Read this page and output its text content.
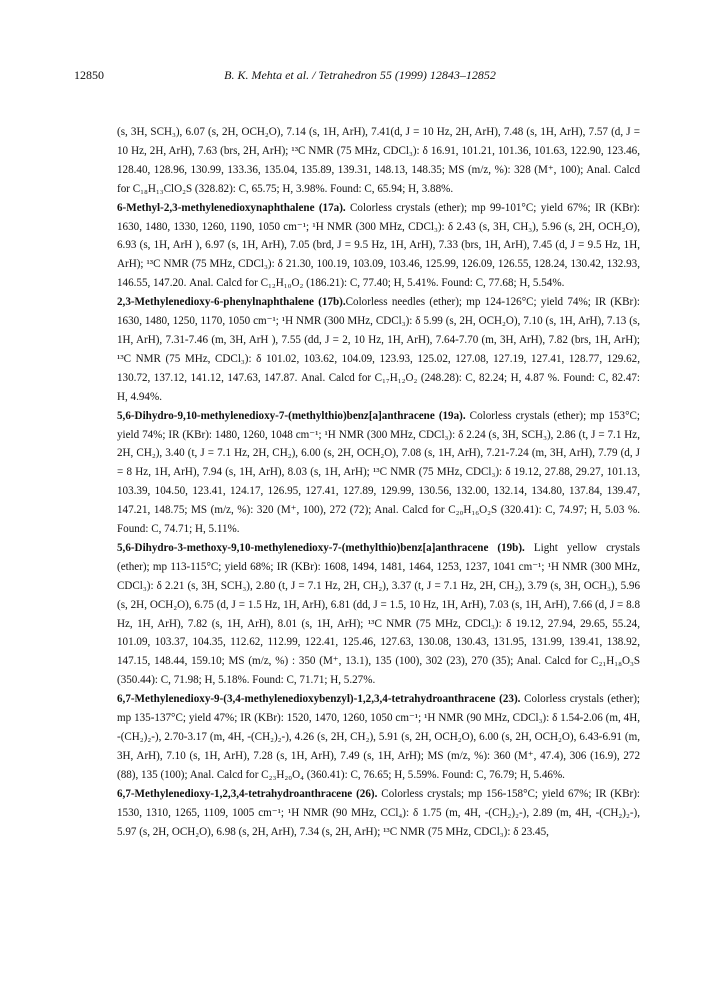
12850	B. K. Mehta et al. / Tetrahedron 55 (1999) 12843–12852

(s, 3H, SCH₃), 6.07 (s, 2H, OCH₂O), 7.14 (s, 1H, ArH), 7.41(d, J = 10 Hz, 2H, ArH), 7.48 (s, 1H, ArH), 7.57 (d, J = 10 Hz, 2H, ArH), 7.63 (brs, 2H, ArH); ¹³C NMR (75 MHz, CDCl₃): δ 16.91, 101.21, 101.36, 101.63, 122.90, 123.46, 128.40, 128.96, 130.99, 133.36, 135.04, 135.89, 139.31, 148.13, 148.35; MS (m/z, %): 328 (M⁺, 100); Anal. Calcd for C₁₈H₁₃ClO₂S (328.82): C, 65.75; H, 3.98%. Found: C, 65.94; H, 3.88%.

6-Methyl-2,3-methylenedioxynaphthalene (17a). Colorless crystals (ether); mp 99-101°C; yield 67%; IR (KBr): 1630, 1480, 1330, 1260, 1190, 1050 cm⁻¹; ¹H NMR (300 MHz, CDCl₃): δ 2.43 (s, 3H, CH₃), 5.96 (s, 2H, OCH₂O), 6.93 (s, 1H, ArH ), 6.97 (s, 1H, ArH), 7.05 (brd, J = 9.5 Hz, 1H, ArH), 7.33 (brs, 1H, ArH), 7.45 (d, J = 9.5 Hz, 1H, ArH); ¹³C NMR (75 MHz, CDCl₃): δ 21.30, 100.19, 103.09, 103.46, 125.99, 126.09, 126.55, 128.24, 130.42, 132.93, 146.55, 147.20. Anal. Calcd for C₁₂H₁₀O₂ (186.21): C, 77.40; H, 5.41%. Found: C, 77.68; H, 5.54%.

2,3-Methylenedioxy-6-phenylnaphthalene (17b).Colorless needles (ether); mp 124-126°C; yield 74%; IR (KBr): 1630, 1480, 1250, 1170, 1050 cm⁻¹; ¹H NMR (300 MHz, CDCl₃): δ 5.99 (s, 2H, OCH₂O), 7.10 (s, 1H, ArH), 7.13 (s, 1H, ArH), 7.31-7.46 (m, 3H, ArH ), 7.55 (dd, J = 2, 10 Hz, 1H, ArH), 7.64-7.70 (m, 3H, ArH), 7.82 (brs, 1H, ArH); ¹³C NMR (75 MHz, CDCl₃): δ 101.02, 103.62, 104.09, 123.93, 125.02, 127.08, 127.19, 127.41, 128.77, 129.62, 130.72, 137.12, 141.12, 147.63, 147.87. Anal. Calcd for C₁₇H₁₂O₂ (248.28): C, 82.24; H, 4.87 %. Found: C, 82.47: H, 4.94%.

5,6-Dihydro-9,10-methylenedioxy-7-(methylthio)benz[a]anthracene (19a). Colorless crystals (ether); mp 153°C; yield 74%; IR (KBr): 1480, 1260, 1048 cm⁻¹; ¹H NMR (300 MHz, CDCl₃): δ 2.24 (s, 3H, SCH₃), 2.86 (t, J = 7.1 Hz, 2H, CH₂), 3.40 (t, J = 7.1 Hz, 2H, CH₂), 6.00 (s, 2H, OCH₂O), 7.08 (s, 1H, ArH), 7.21-7.24 (m, 3H, ArH), 7.79 (d, J = 8 Hz, 1H, ArH), 7.94 (s, 1H, ArH), 8.03 (s, 1H, ArH); ¹³C NMR (75 MHz, CDCl₃): δ 19.12, 27.88, 29.27, 101.13, 103.39, 104.50, 123.41, 124.17, 126.95, 127.41, 127.89, 129.99, 130.56, 132.00, 132.14, 134.80, 137.84, 139.47, 147.21, 148.75; MS (m/z, %): 320 (M⁺, 100), 272 (72); Anal. Calcd for C₂₀H₁₆O₂S (320.41): C, 74.97; H, 5.03 %. Found: C, 74.71; H, 5.11%.

5,6-Dihydro-3-methoxy-9,10-methylenedioxy-7-(methylthio)benz[a]anthracene (19b). Light yellow crystals (ether); mp 113-115°C; yield 68%; IR (KBr): 1608, 1494, 1481, 1464, 1253, 1237, 1041 cm⁻¹; ¹H NMR (300 MHz, CDCl₃): δ 2.21 (s, 3H, SCH₃), 2.80 (t, J = 7.1 Hz, 2H, CH₂), 3.37 (t, J = 7.1 Hz, 2H, CH₂), 3.79 (s, 3H, OCH₃), 5.96 (s, 2H, OCH₂O), 6.75 (d, J = 1.5 Hz, 1H, ArH), 6.81 (dd, J = 1.5, 10 Hz, 1H, ArH), 7.03 (s, 1H, ArH), 7.66 (d, J = 8.8 Hz, 1H, ArH), 7.82 (s, 1H, ArH), 8.01 (s, 1H, ArH); ¹³C NMR (75 MHz, CDCl₃): δ 19.12, 27.94, 29.65, 55.24, 101.09, 103.37, 104.35, 112.62, 112.99, 122.41, 125.46, 127.63, 130.08, 130.43, 131.95, 131.99, 139.41, 138.92, 147.15, 148.44, 159.10; MS (m/z, %) : 350 (M⁺, 13.1), 135 (100), 302 (23), 270 (35); Anal. Calcd for C₂₁H₁₈O₃S (350.44): C, 71.98; H, 5.18%. Found: C, 71.71; H, 5.27%.

6,7-Methylenedioxy-9-(3,4-methylenedioxybenzyl)-1,2,3,4-tetrahydroanthracene (23). Colorless crystals (ether); mp 135-137°C; yield 47%; IR (KBr): 1520, 1470, 1260, 1050 cm⁻¹; ¹H NMR (90 MHz, CDCl₃): δ 1.54-2.06 (m, 4H, -(CH₂)₂-), 2.70-3.17 (m, 4H, -(CH₂)₂-), 4.26 (s, 2H, CH₂), 5.91 (s, 2H, OCH₂O), 6.00 (s, 2H, OCH₂O), 6.43-6.91 (m, 3H, ArH), 7.10 (s, 1H, ArH), 7.28 (s, 1H, ArH), 7.49 (s, 1H, ArH); MS (m/z, %): 360 (M⁺, 47.4), 306 (16.9), 272 (88), 135 (100); Anal. Calcd for C₂₃H₂₀O₄ (360.41): C, 76.65; H, 5.59%. Found: C, 76.79; H, 5.46%.

6,7-Methylenedioxy-1,2,3,4-tetrahydroanthracene (26). Colorless crystals; mp 156-158°C; yield 67%; IR (KBr): 1530, 1310, 1265, 1109, 1005 cm⁻¹; ¹H NMR (90 MHz, CCl₄): δ 1.75 (m, 4H, -(CH₂)₂-), 2.89 (m, 4H, -(CH₂)₂-), 5.97 (s, 2H, OCH₂O), 6.98 (s, 2H, ArH), 7.34 (s, 2H, ArH); ¹³C NMR (75 MHz, CDCl₃): δ 23.45,
